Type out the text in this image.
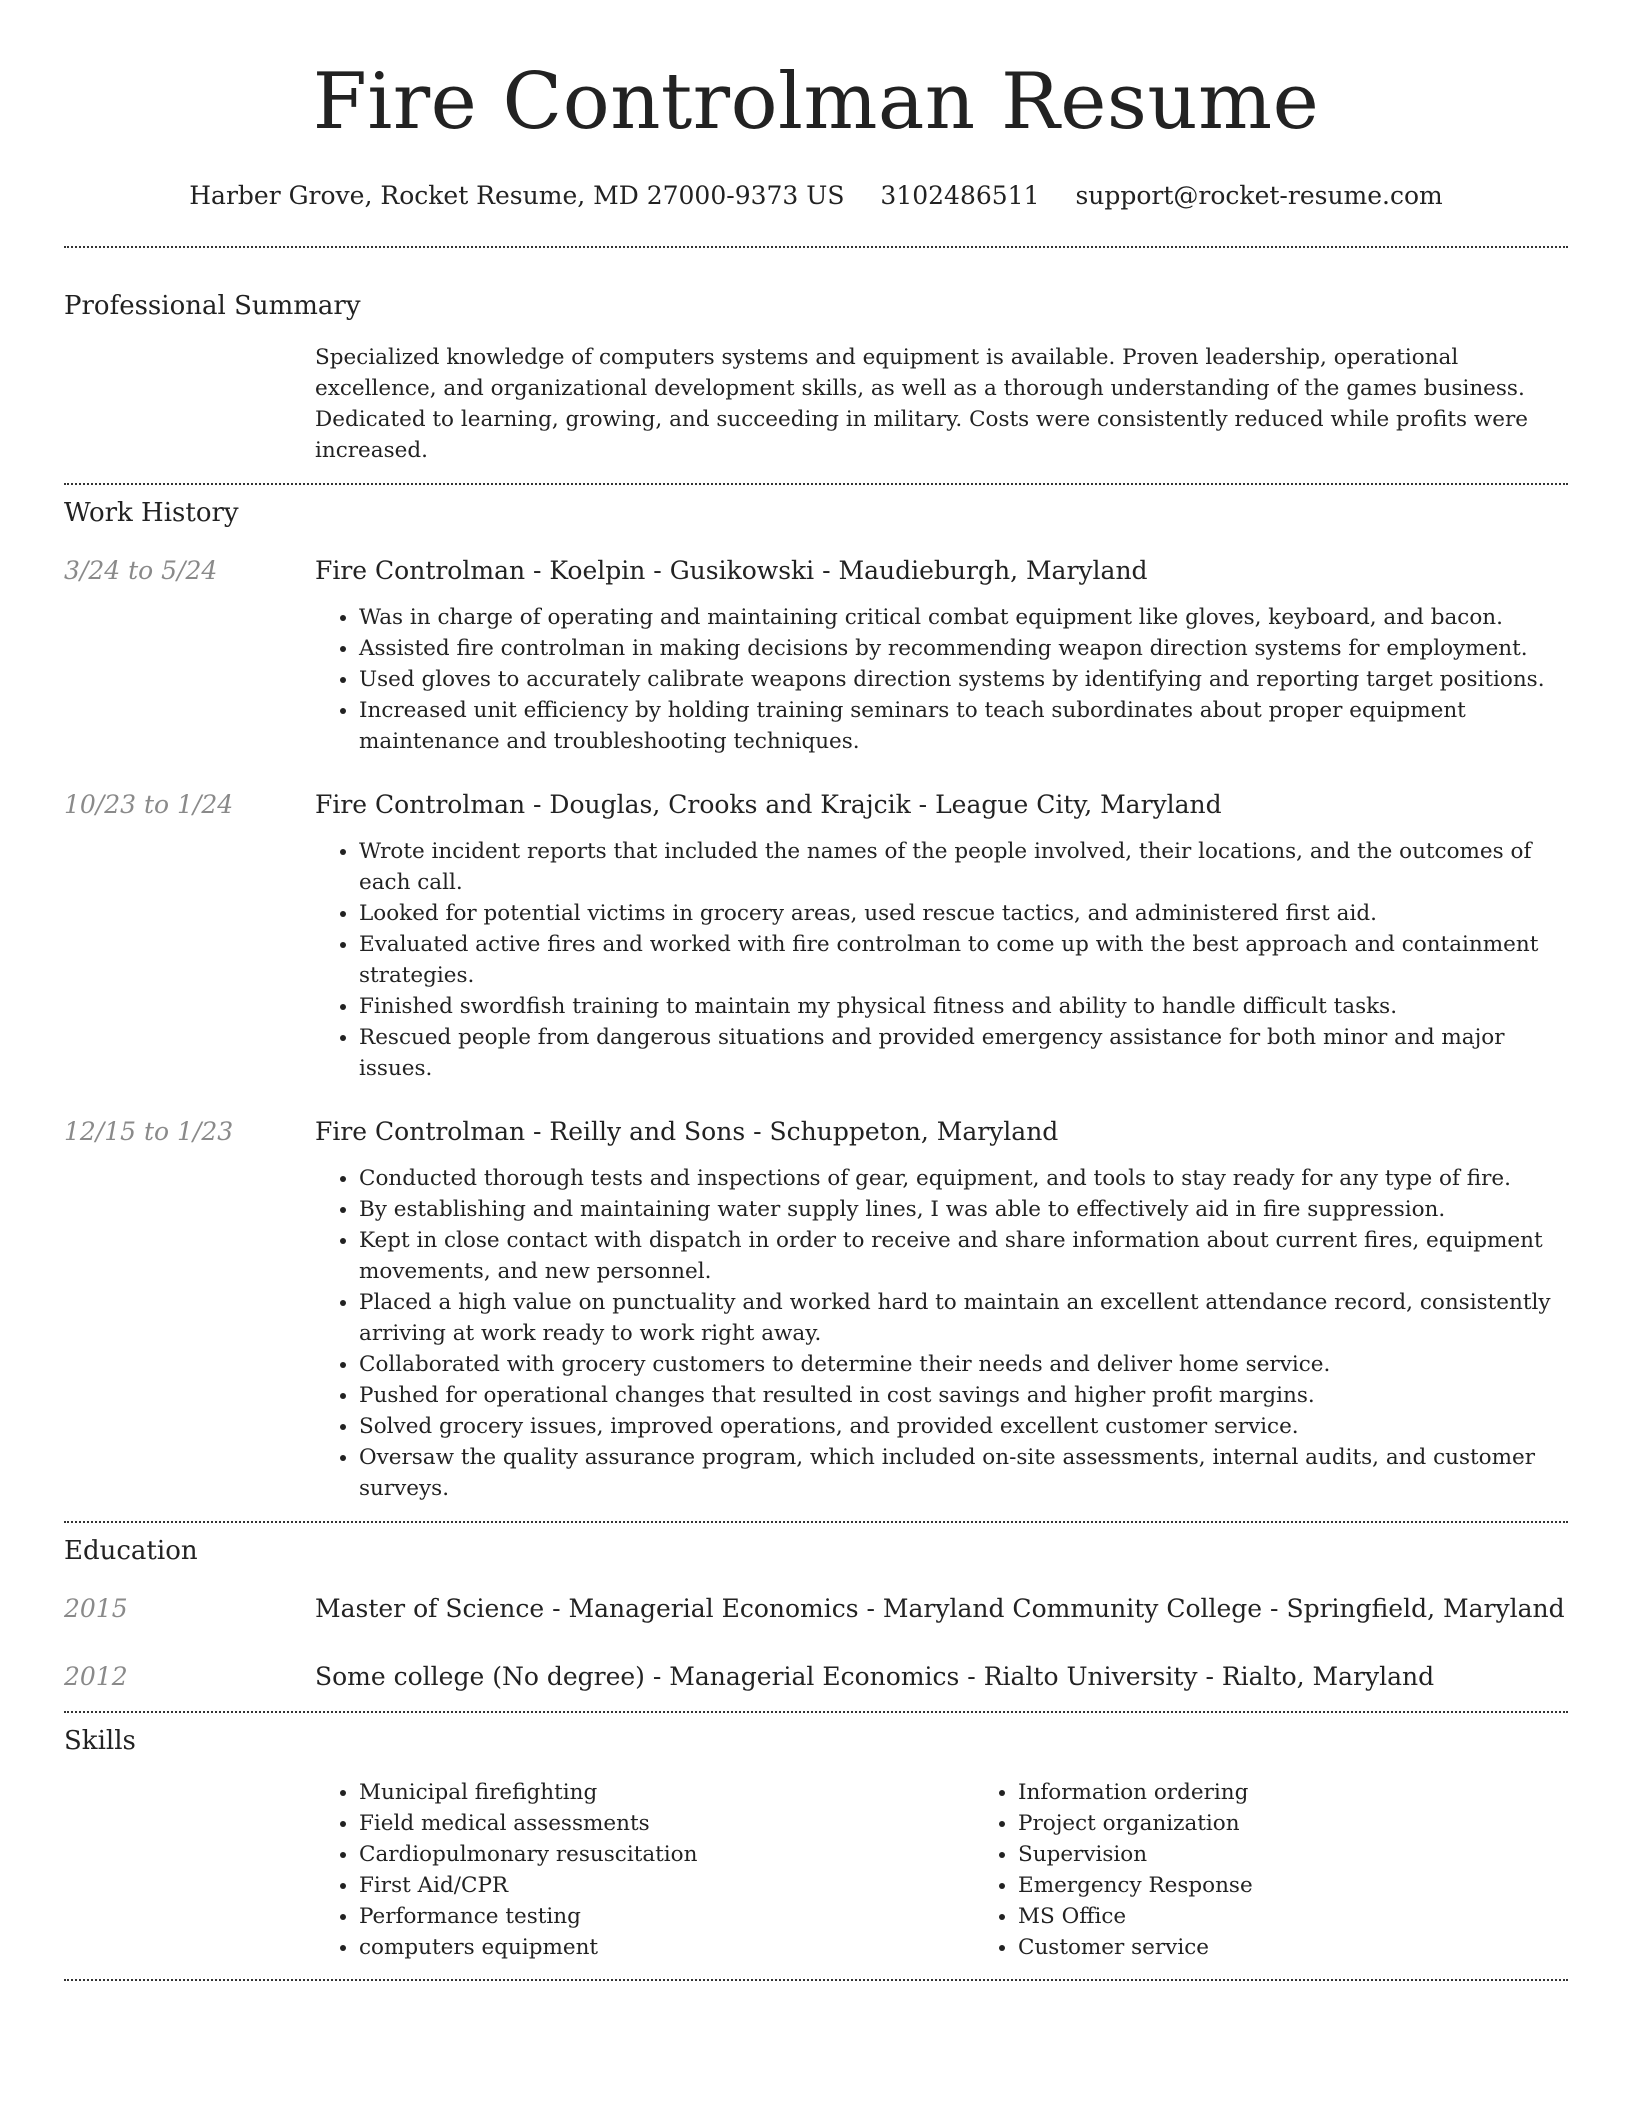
Fire Controlman Resume
Harber Grove, Rocket Resume, MD 27000-9373 US 3102486511 support@rocket-resume.com
Professional Summary

Specialized knowledge of computers systems and equipment is available. Proven leadership, operational excellence, and organizational development skills, as well as a thorough understanding of the games business. Dedicated to learning, growing, and succeeding in military. Costs were consistently reduced while profits were increased.

Work History
3/24 to 5/24	Fire Controlman - Koelpin - Gusikowski - Maudieburgh, Maryland
• Was in charge of operating and maintaining critical combat equipment like gloves, keyboard, and bacon.
• Assisted fire controlman in making decisions by recommending weapon direction systems for employment.
• Used gloves to accurately calibrate weapons direction systems by identifying and reporting target positions.
• Increased unit efficiency by holding training seminars to teach subordinates about proper equipment maintenance and troubleshooting techniques.
10/23 to 1/24	Fire Controlman - Douglas, Crooks and Krajcik - League City, Maryland
• Wrote incident reports that included the names of the people involved, their locations, and the outcomes of each call.
• Looked for potential victims in grocery areas, used rescue tactics, and administered first aid.
• Evaluated active fires and worked with fire controlman to come up with the best approach and containment strategies.
• Finished swordfish training to maintain my physical fitness and ability to handle difficult tasks.
• Rescued people from dangerous situations and provided emergency assistance for both minor and major issues.
12/15 to 1/23	Fire Controlman - Reilly and Sons - Schuppeton, Maryland
• Conducted thorough tests and inspections of gear, equipment, and tools to stay ready for any type of fire.
• By establishing and maintaining water supply lines, I was able to effectively aid in fire suppression.
• Kept in close contact with dispatch in order to receive and share information about current fires, equipment movements, and new personnel.
• Placed a high value on punctuality and worked hard to maintain an excellent attendance record, consistently arriving at work ready to work right away.
• Collaborated with grocery customers to determine their needs and deliver home service.
• Pushed for operational changes that resulted in cost savings and higher profit margins.
• Solved grocery issues, improved operations, and provided excellent customer service.
• Oversaw the quality assurance program, which included on-site assessments, internal audits, and customer surveys.
Education
2015	Master of Science - Managerial Economics - Maryland Community College - Springfield, Maryland
2012	Some college (No degree) - Managerial Economics - Rialto University - Rialto, Maryland
Skills
• Municipal firefighting
• Field medical assessments
• Cardiopulmonary resuscitation
• First Aid/CPR
• Performance testing
• computers equipment
• Information ordering
• Project organization
• Supervision
• Emergency Response
• MS Office
• Customer service
